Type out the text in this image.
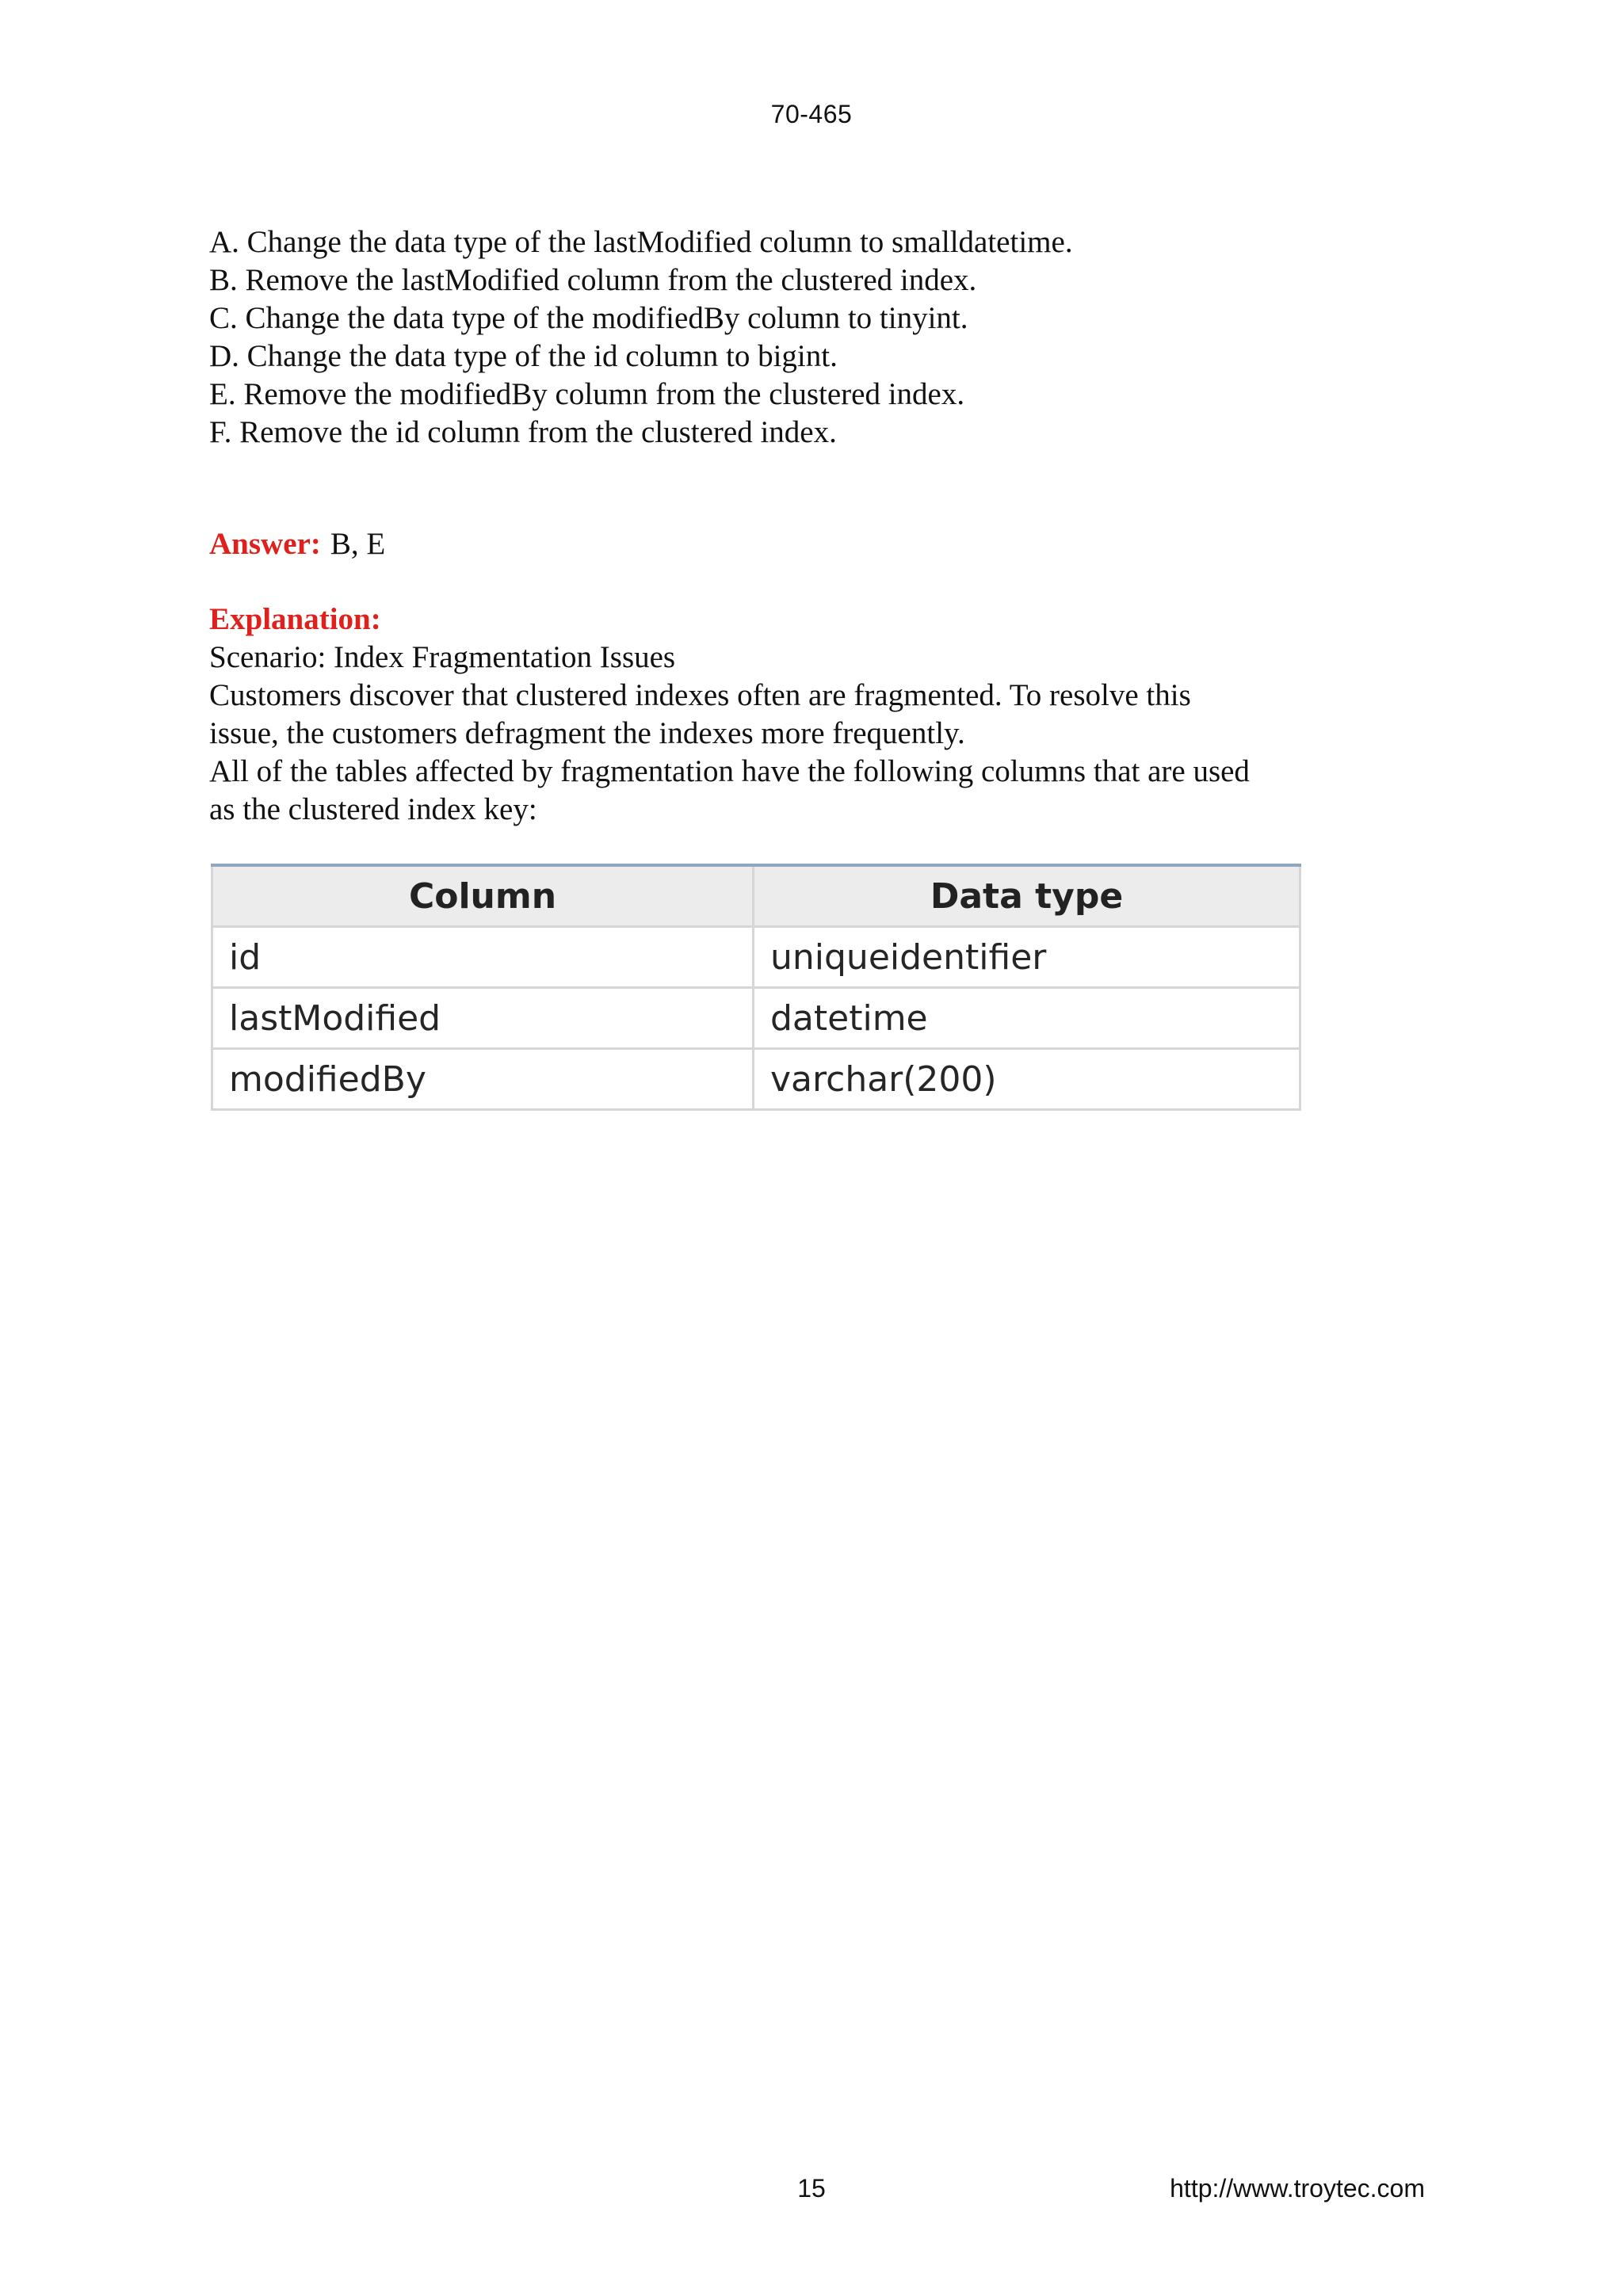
70-465
A. Change the data type of the lastModified column to smalldatetime.
B. Remove the lastModified column from the clustered index.
C. Change the data type of the modifiedBy column to tinyint.
D. Change the data type of the id column to bigint.
E. Remove the modifiedBy column from the clustered index.
F. Remove the id column from the clustered index.
Answer: B, E
Explanation:
Scenario: Index Fragmentation Issues
Customers discover that clustered indexes often are fragmented. To resolve this
issue, the customers defragment the indexes more frequently.
All of the tables affected by fragmentation have the following columns that are used
as the clustered index key:
Column	Data type
id	uniqueidentifier
lastModified	datetime
modifiedBy	varchar(200)
15	http://www.troytec.com
